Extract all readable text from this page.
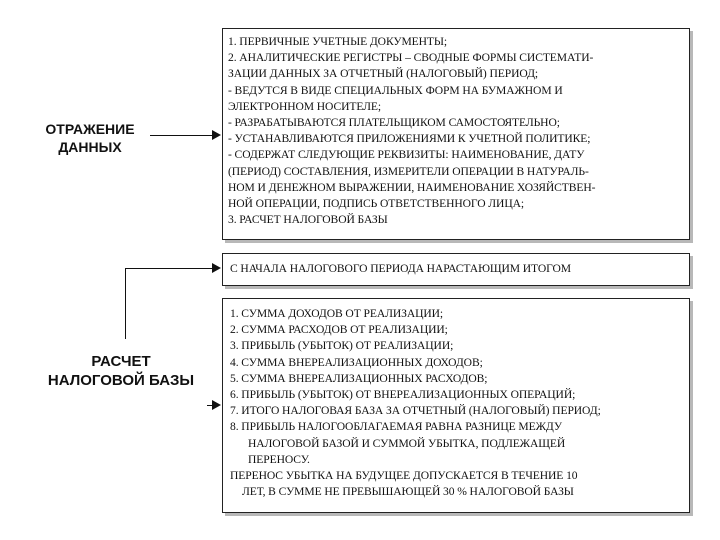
ОТРАЖЕНИЕ
ДАННЫХ
РАСЧЕТ
НАЛОГОВОЙ БАЗЫ
1. ПЕРВИЧНЫЕ УЧЕТНЫЕ ДОКУМЕНТЫ;
2. АНАЛИТИЧЕСКИЕ РЕГИСТРЫ – СВОДНЫЕ ФОРМЫ СИСТЕМАТИ-
ЗАЦИИ ДАННЫХ ЗА ОТЧЕТНЫЙ (НАЛОГОВЫЙ) ПЕРИОД;
- ВЕДУТСЯ В ВИДЕ СПЕЦИАЛЬНЫХ ФОРМ НА БУМАЖНОМ И
ЭЛЕКТРОННОМ НОСИТЕЛЕ;
- РАЗРАБАТЫВАЮТСЯ ПЛАТЕЛЬЩИКОМ САМОСТОЯТЕЛЬНО;
- УСТАНАВЛИВАЮТСЯ ПРИЛОЖЕНИЯМИ К УЧЕТНОЙ ПОЛИТИКЕ;
- СОДЕРЖАТ СЛЕДУЮЩИЕ РЕКВИЗИТЫ: НАИМЕНОВАНИЕ, ДАТУ
(ПЕРИОД) СОСТАВЛЕНИЯ, ИЗМЕРИТЕЛИ ОПЕРАЦИИ В НАТУРАЛЬ-
НОМ И ДЕНЕЖНОМ ВЫРАЖЕНИИ, НАИМЕНОВАНИЕ ХОЗЯЙСТВЕН-
НОЙ ОПЕРАЦИИ, ПОДПИСЬ ОТВЕТСТВЕННОГО ЛИЦА;
3. РАСЧЕТ НАЛОГОВОЙ БАЗЫ
С НАЧАЛА НАЛОГОВОГО ПЕРИОДА НАРАСТАЮЩИМ ИТОГОМ
1. СУММА ДОХОДОВ ОТ РЕАЛИЗАЦИИ;
2. СУММА РАСХОДОВ ОТ РЕАЛИЗАЦИИ;
3. ПРИБЫЛЬ (УБЫТОК) ОТ РЕАЛИЗАЦИИ;
4. СУММА ВНЕРЕАЛИЗАЦИОННЫХ ДОХОДОВ;
5. СУММА ВНЕРЕАЛИЗАЦИОННЫХ РАСХОДОВ;
6. ПРИБЫЛЬ (УБЫТОК) ОТ ВНЕРЕАЛИЗАЦИОННЫХ ОПЕРАЦИЙ;
7. ИТОГО НАЛОГОВАЯ БАЗА ЗА ОТЧЕТНЫЙ (НАЛОГОВЫЙ) ПЕРИОД;
8. ПРИБЫЛЬ НАЛОГООБЛАГАЕМАЯ РАВНА РАЗНИЦЕ МЕЖДУ
НАЛОГОВОЙ БАЗОЙ И СУММОЙ УБЫТКА, ПОДЛЕЖАЩЕЙ
ПЕРЕНОСУ.
ПЕРЕНОС УБЫТКА НА БУДУЩЕЕ ДОПУСКАЕТСЯ В ТЕЧЕНИЕ 10
ЛЕТ, В СУММЕ НЕ ПРЕВЫШАЮЩЕЙ 30 % НАЛОГОВОЙ БАЗЫ
